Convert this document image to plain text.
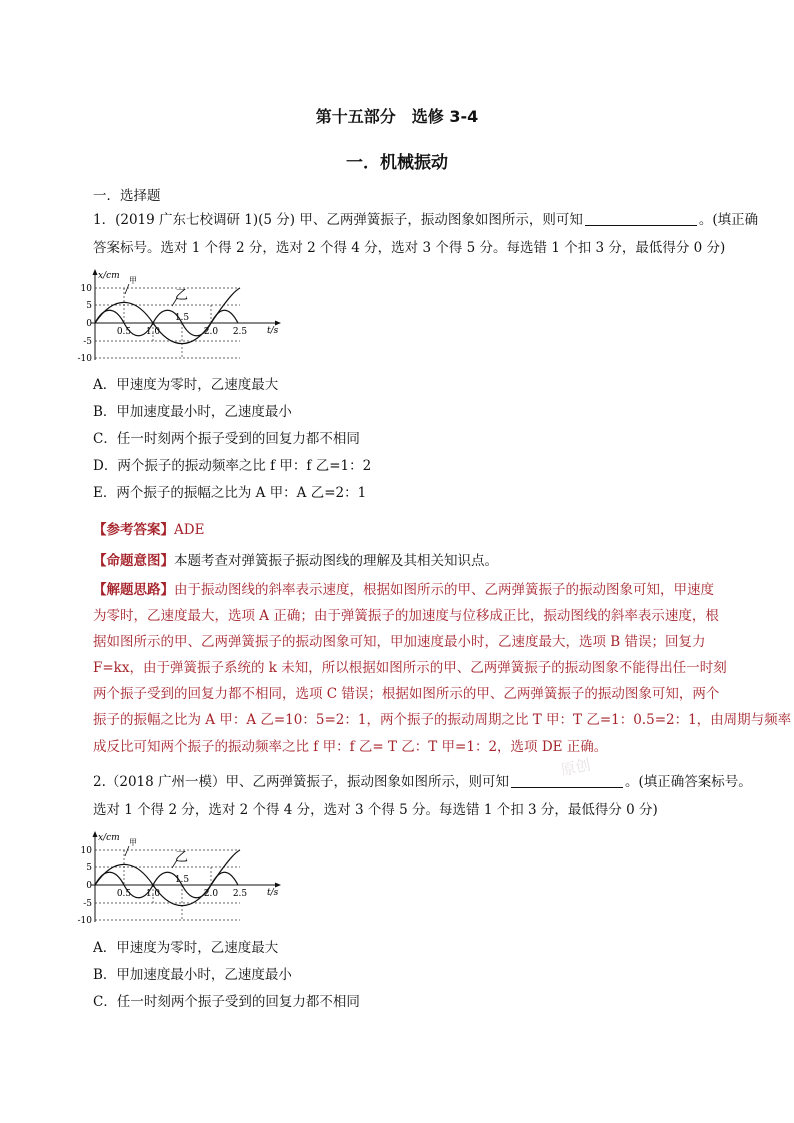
第十五部分　选修 3-4
一．机械振动
一．选择题
1．(2019 广东七校调研 1)(5 分) 甲、乙两弹簧振子，振动图象如图所示，则可知	。(填正确
答案标号。选对 1 个得 2 分，选对 2 个得 4 分，选对 3 个得 5 分。每选错 1 个扣 3 分，最低得分 0 分)
x/cm
t/s
甲
乙
10
5
0
-5
-10
0.5 1.0
1.5
2.0 2.5
A．甲速度为零时，乙速度最大
B．甲加速度最小时，乙速度最小
C．任一时刻两个振子受到的回复力都不相同
D．两个振子的振动频率之比 f 甲：f 乙=1：2
E．两个振子的振幅之比为 A 甲：A 乙=2：1
【参考答案】ADE
【命题意图】本题考查对弹簧振子振动图线的理解及其相关知识点。
【解题思路】由于振动图线的斜率表示速度，根据如图所示的甲、乙两弹簧振子的振动图象可知，甲速度
为零时，乙速度最大，选项 A 正确；由于弹簧振子的加速度与位移成正比，振动图线的斜率表示速度，根
据如图所示的甲、乙两弹簧振子的振动图象可知，甲加速度最小时，乙速度最大，选项 B 错误；回复力
F=kx，由于弹簧振子系统的 k 未知，所以根据如图所示的甲、乙两弹簧振子的振动图象不能得出任一时刻
两个振子受到的回复力都不相同，选项 C 错误；根据如图所示的甲、乙两弹簧振子的振动图象可知，两个
振子的振幅之比为 A 甲：A 乙=10：5=2：1，两个振子的振动周期之比 T 甲：T 乙=1：0.5=2：1，由周期与频率
成反比可知两个振子的振动频率之比 f 甲：f 乙= T 乙：T 甲=1：2，选项 DE 正确。
原创
2.（2018 广州一模）甲、乙两弹簧振子，振动图象如图所示，则可知	。(填正确答案标号。
选对 1 个得 2 分，选对 2 个得 4 分，选对 3 个得 5 分。每选错 1 个扣 3 分，最低得分 0 分)
x/cm
t/s
甲
乙
10
5
0
-5
-10
0.5 1.0
1.5
2.0 2.5
A．甲速度为零时，乙速度最大
B．甲加速度最小时，乙速度最小
C．任一时刻两个振子受到的回复力都不相同
